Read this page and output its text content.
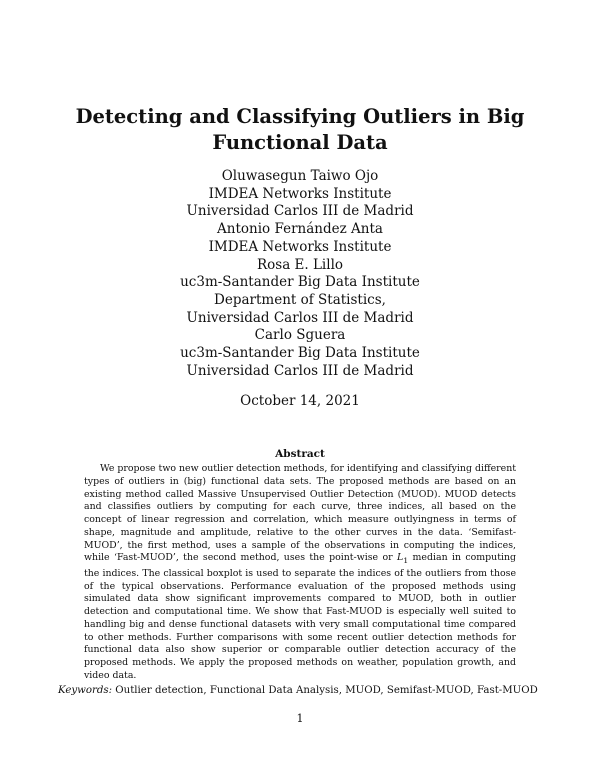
Detecting and Classifying Outliers in Big
Functional Data
Oluwasegun Taiwo Ojo
IMDEA Networks Institute
Universidad Carlos III de Madrid
Antonio Fernández Anta
IMDEA Networks Institute
Rosa E. Lillo
uc3m-Santander Big Data Institute
Department of Statistics,
Universidad Carlos III de Madrid
Carlo Sguera
uc3m-Santander Big Data Institute
Universidad Carlos III de Madrid
October 14, 2021
Abstract
We propose two new outlier detection methods, for identifying and classifying different types of outliers in (big) functional data sets. The proposed methods are based on an existing method called Massive Unsupervised Outlier Detection (MUOD). MUOD detects and classifies outliers by computing for each curve, three indices, all based on the concept of linear regression and correlation, which measure outlyingness in terms of shape, magnitude and amplitude, relative to the other curves in the data. ‘Semifast-MUOD’, the first method, uses a sample of the observations in computing the indices, while ‘Fast-MUOD’, the second method, uses the point-wise or $L_1$ median in computing the indices. The classical boxplot is used to separate the indices of the outliers from those of the typical observations. Performance evaluation of the proposed methods using simulated data show significant improvements compared to MUOD, both in outlier detection and computational time. We show that Fast-MUOD is especially well suited to handling big and dense functional datasets with very small computational time compared to other methods. Further comparisons with some recent outlier detection methods for functional data also show superior or comparable outlier detection accuracy of the proposed methods. We apply the proposed methods on weather, population growth, and video data.
Keywords: Outlier detection, Functional Data Analysis, MUOD, Semifast-MUOD, Fast-MUOD
1
